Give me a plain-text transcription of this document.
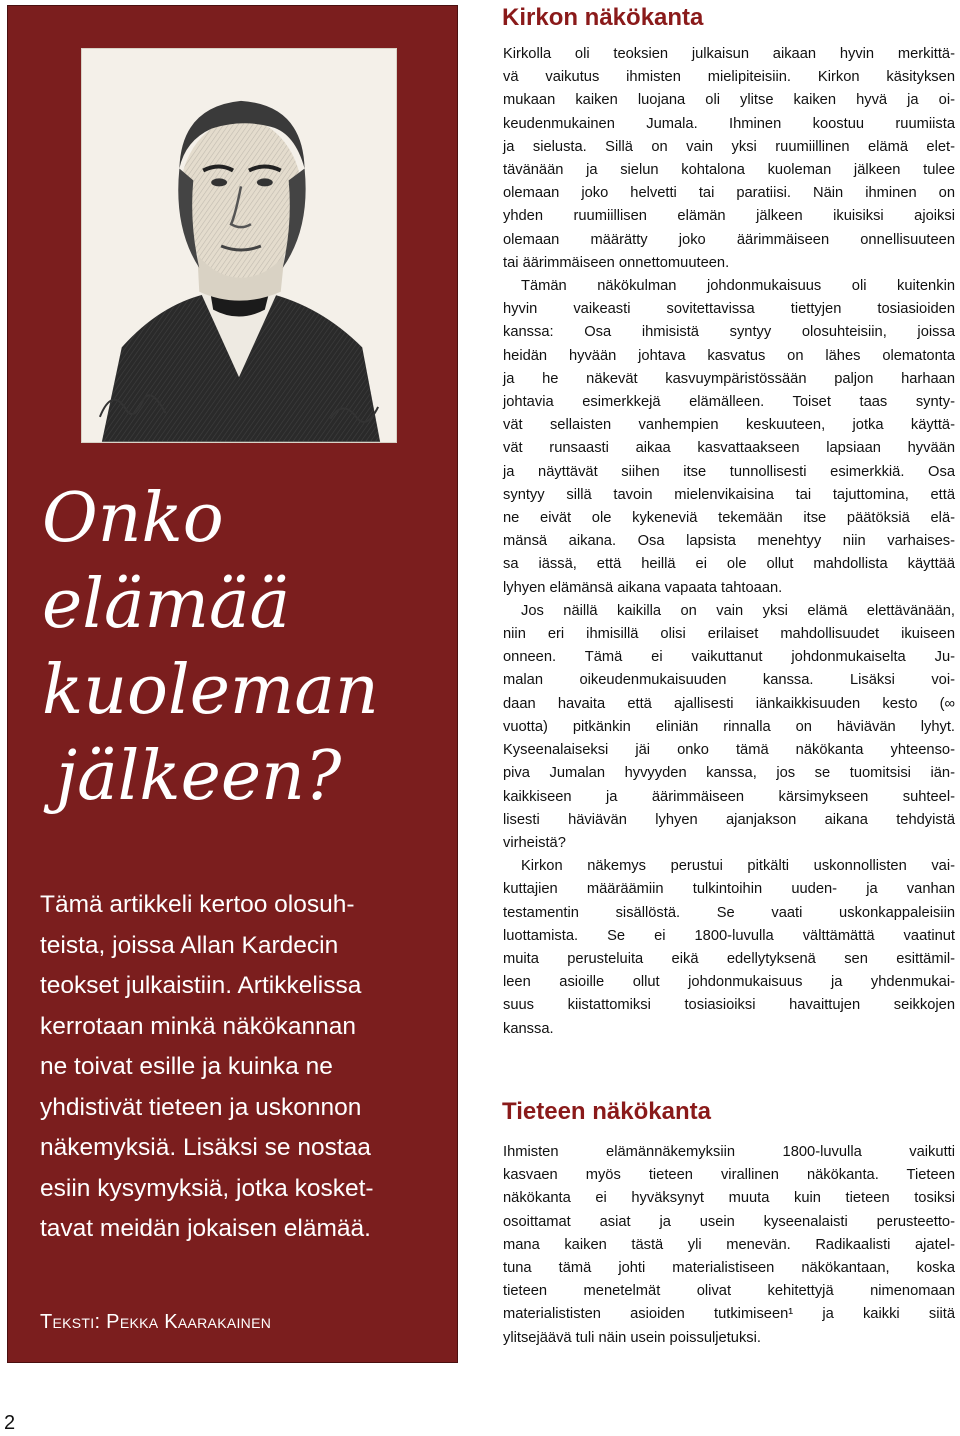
Onko
elämää
kuoleman
jälkeen?

Tämä artikkeli kertoo olosuh-
teista, joissa Allan Kardecin
teokset julkaistiin. Artikkelissa
kerrotaan minkä näkökannan
ne toivat esille ja kuinka ne
yhdistivät tieteen ja uskonnon
näkemyksiä. Lisäksi se nostaa
esiin kysymyksiä, jotka kosket-
tavat meidän jokaisen elämää.

Teksti: Pekka Kaarakainen

Kirkon näkökanta

Kirkolla oli teoksien julkaisun aikaan hyvin merkittä-
vä vaikutus ihmisten mielipiteisiin. Kirkon käsityksen
mukaan kaiken luojana oli ylitse kaiken hyvä ja oi-
keudenmukainen Jumala. Ihminen koostuu ruumiista
ja sielusta. Sillä on vain yksi ruumiillinen elämä elet-
tävänään ja sielun kohtalona kuoleman jälkeen tulee
olemaan joko helvetti tai paratiisi. Näin ihminen on
yhden ruumiillisen elämän jälkeen ikuisiksi ajoiksi
olemaan määrätty joko äärimmäiseen onnellisuuteen
tai äärimmäiseen onnettomuuteen.

Tämän näkökulman johdonmukaisuus oli kuitenkin
hyvin vaikeasti sovitettavissa tiettyjen tosiasioiden
kanssa: Osa ihmisistä syntyy olosuhteisiin, joissa
heidän hyvään johtava kasvatus on lähes olematonta
ja he näkevät kasvuympäristössään paljon harhaan
johtavia esimerkkejä elämälleen. Toiset taas synty-
vät sellaisten vanhempien keskuuteen, jotka käyttä-
vät runsaasti aikaa kasvattaakseen lapsiaan hyvään
ja näyttävät siihen itse tunnollisesti esimerkkiä. Osa
syntyy sillä tavoin mielenvikaisina tai tajuttomina, että
ne eivät ole kykeneviä tekemään itse päätöksiä elä-
mänsä aikana. Osa lapsista menehtyy niin varhaises-
sa iässä, että heillä ei ole ollut mahdollista käyttää
lyhyen elämänsä aikana vapaata tahtoaan.

Jos näillä kaikilla on vain yksi elämä elettävänään,
niin eri ihmisillä olisi erilaiset mahdollisuudet ikuiseen
onneen. Tämä ei vaikuttanut johdonmukaiselta Ju-
malan oikeudenmukaisuuden kanssa. Lisäksi voi-
daan havaita että ajallisesti iänkaikkisuuden kesto (∞
vuotta) pitkänkin eliniän rinnalla on häviävän lyhyt.
Kyseenalaiseksi jäi onko tämä näkökanta yhteenso-
piva Jumalan hyvyyden kanssa, jos se tuomitsisi iän-
kaikkiseen ja äärimmäiseen kärsimykseen suhteel-
lisesti häviävän lyhyen ajanjakson aikana tehdyistä
virheistä?

Kirkon näkemys perustui pitkälti uskonnollisten vai-
kuttajien määräämiin tulkintoihin uuden- ja vanhan
testamentin sisällöstä. Se vaati uskonkappaleisiin
luottamista. Se ei 1800-luvulla välttämättä vaatinut
muita perusteluita eikä edellytyksenä sen esittämil-
leen asioille ollut johdonmukaisuus ja yhdenmukai-
suus kiistattomiksi tosiasioiksi havaittujen seikkojen
kanssa.

Tieteen näkökanta

Ihmisten elämännäkemyksiin 1800-luvulla vaikutti
kasvaen myös tieteen virallinen näkökanta. Tieteen
näkökanta ei hyväksynyt muuta kuin tieteen tosiksi
osoittamat asiat ja usein kyseenalaisti perusteetto-
mana kaiken tästä yli menevän. Radikaalisti ajatel-
tuna tämä johti materialistiseen näkökantaan, koska
tieteen menetelmät olivat kehitettyjä nimenomaan
materialististen asioiden tutkimiseen¹ ja kaikki siitä
ylitsejäävä tuli näin usein poissuljetuksi.

2
